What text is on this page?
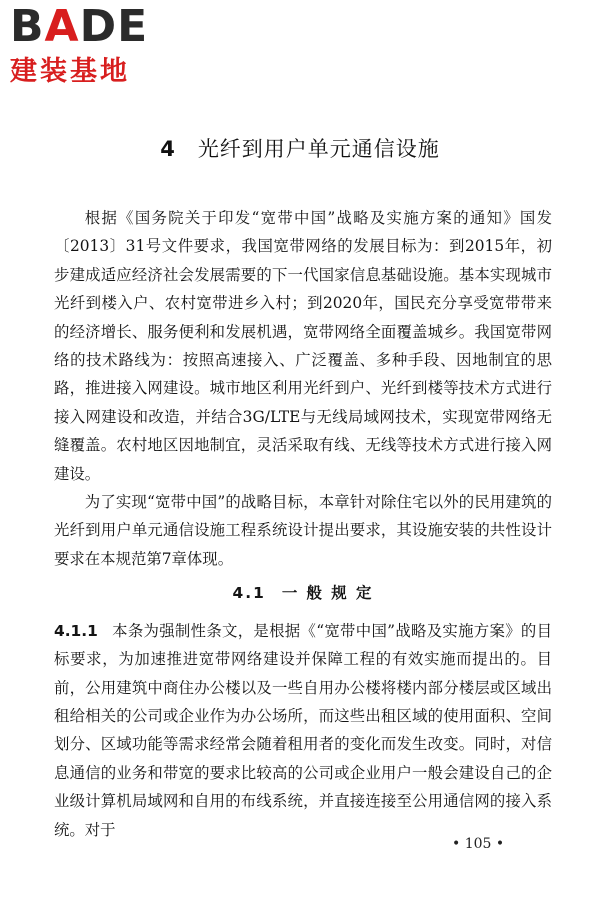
BADE
建装基地
4 光纤到用户单元通信设施

根据《国务院关于印发“宽带中国”战略及实施方案的通知》国发〔2013〕31号文件要求，我国宽带网络的发展目标为：到2015年，初步建成适应经济社会发展需要的下一代国家信息基础设施。基本实现城市光纤到楼入户、农村宽带进乡入村；到2020年，国民充分享受宽带带来的经济增长、服务便利和发展机遇，宽带网络全面覆盖城乡。我国宽带网络的技术路线为：按照高速接入、广泛覆盖、多种手段、因地制宜的思路，推进接入网建设。城市地区利用光纤到户、光纤到楼等技术方式进行接入网建设和改造，并结合3G/LTE与无线局域网技术，实现宽带网络无缝覆盖。农村地区因地制宜，灵活采取有线、无线等技术方式进行接入网建设。

为了实现“宽带中国”的战略目标，本章针对除住宅以外的民用建筑的光纤到用户单元通信设施工程系统设计提出要求，其设施安装的共性设计要求在本规范第7章体现。

4.1 一 般 规 定

4.1.1 本条为强制性条文，是根据《“宽带中国”战略及实施方案》的目标要求，为加速推进宽带网络建设并保障工程的有效实施而提出的。目前，公用建筑中商住办公楼以及一些自用办公楼将楼内部分楼层或区域出租给相关的公司或企业作为办公场所，而这些出租区域的使用面积、空间划分、区域功能等需求经常会随着租用者的变化而发生改变。同时，对信息通信的业务和带宽的要求比较高的公司或企业用户一般会建设自己的企业级计算机局域网和自用的布线系统，并直接连接至公用通信网的接入系统。对于

• 105 •
